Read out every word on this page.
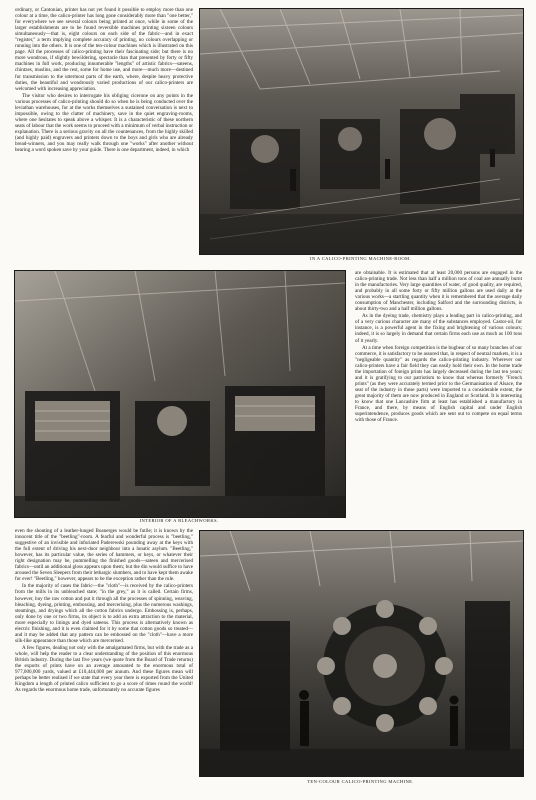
ordinary, or Cantonian, printer has not yet found it possible to employ more than one colour at a time, the calico-printer has long gone considerably more than "one better," for everywhere we see several colours being printed at once, while in some of the larger establishments are to be found reversible machines printing sixteen colours simultaneously—that is, eight colours on each side of the fabric—and in exact "register," a term implying complete accuracy of printing, no colours overlapping or running into the others. It is one of the ten-colour machines which is illustrated on this page. All the processes of calico-printing have their fascinating side; but there is no more wondrous, if slightly bewildering, spectacle than that presented by forty or fifty machines in full work, producing innumerable "lengths" of artistic fabrics—sateens, chintzes, muslins, and the rest, some for home use, and more—much more—destined for transmission to the uttermost parts of the earth, where, despite heavy protective duties, the beautiful and wondrously varied productions of our calico-printers are welcomed with increasing appreciation.

The visitor who desires to interrogate his obliging cicerone on any points in the various processes of calico-printing should do so when he is being conducted over the leviathan warehouses, for at the works themselves a sustained conversation is next to impossible, owing to the clatter of machinery, save in the quiet engraving-rooms, where one hesitates to speak above a whisper. It is a characteristic of these northern seats of labour that the work seems to proceed with a minimum of verbal instruction or explanation. There is a serious gravity on all the countenances, from the highly skilled (and highly paid) engravers and printers down to the boys and girls who are already bread-winners, and you may really walk through one "works" after another without hearing a word spoken save by your guide. There is one department, indeed, in which

IN A CALICO-PRINTING MACHINE-ROOM.
INTERIOR OF A BLEACHWORKS.

are obtainable. It is estimated that at least 20,000 persons are engaged in the calico-printing trade. Not less than half a million tons of coal are annually burnt in the manufactories. Very large quantities of water, of good quality, are required, and probably in all some forty or fifty million gallons are used daily at the various works—a startling quantity when it is remembered that the average daily consumption of Manchester, including Salford and the surrounding districts, is about thirty-two and a half million gallons.

As in the dyeing trade, chemistry plays a leading part in calico-printing, and of a very curious character are many of the substances employed. Castor-oil, for instance, is a powerful agent in the fixing and brightening of various colours; indeed, it is so largely in demand that certain firms each use as much as 100 tons of it yearly.

At a time when foreign competition is the bugbear of so many branches of our commerce, it is satisfactory to be assured that, in respect of neutral markets, it is a "negligeable quantity" as regards the calico-printing industry. Wherever our calico-printers have a fair field they can easily hold their own. In the home trade the importation of foreign prints has largely decreased during the last ten years; and it is gratifying to our patriotism to know that whereas formerly "French prints" (as they were accurately termed prior to the Germanisation of Alsace, the seat of the industry in those parts) were imported to a considerable extent, the great majority of them are now produced in England or Scotland. It is interesting to know that one Lancashire firm at least has established a manufactory in France, and there, by means of English capital and under English superintendence, produces goods which are sent out to compete on equal terms with those of France.

even the shouting of a leather-lunged Boanerges would be futile; it is known by the innocent title of the "beetling"-room. A fearful and wonderful process is "beetling," suggestive of an invisible and infuriated Paderewski pounding away at the keys with the full extent of driving his next-door neighbour into a lunatic asylum. "Beetling," however, has its particular value, the series of hammers, or keys, or whatever their right designation may be, pummelling the finished goods—sateen and mercerised fabrics—until an additional gloss appears upon them; but the din would suffice to have aroused the Seven Sleepers from their lethargic slumbers, and to have kept them awake for ever! "Beetling," however, appears to be the exception rather than the rule.

In the majority of cases the fabric—the "cloth"—is received by the calico-printers from the mills in its unbleached state; "in the grey," as it is called. Certain firms, however, buy the raw cotton and put it through all the processes of spinning, weaving, bleaching, dyeing, printing, embossing, and mercerising, plus the numerous washings, steamings, and dryings which all the cotton fabrics undergo. Embossing is, perhaps, only done by one or two firms, its object is to add an extra attraction to the material, more especially to linings and dyed sateens. This process is alternatively known as electric finishing, and it is even claimed for it by some that cotton goods so treated—and it may be added that any pattern can be embossed on the "cloth"—have a more silk-like appearance than those which are mercerised.

A few figures, dealing not only with the amalgamated firms, but with the trade as a whole, will help the reader to a clear understanding of the position of this enormous British industry. During the last five years (we quote from the Board of Trade returns) the exports of prints have on an average amounted to the enormous total of 977,000,000 yards, valued at £10,444,000 per annum. And these figures mean will perhaps be better realised if we state that every year there is exported from the United Kingdom a length of printed calico sufficient to go a score of times round the world! As regards the enormous home trade, unfortunately no accurate figures

TEN-COLOUR CALICO-PRINTING MACHINE.
